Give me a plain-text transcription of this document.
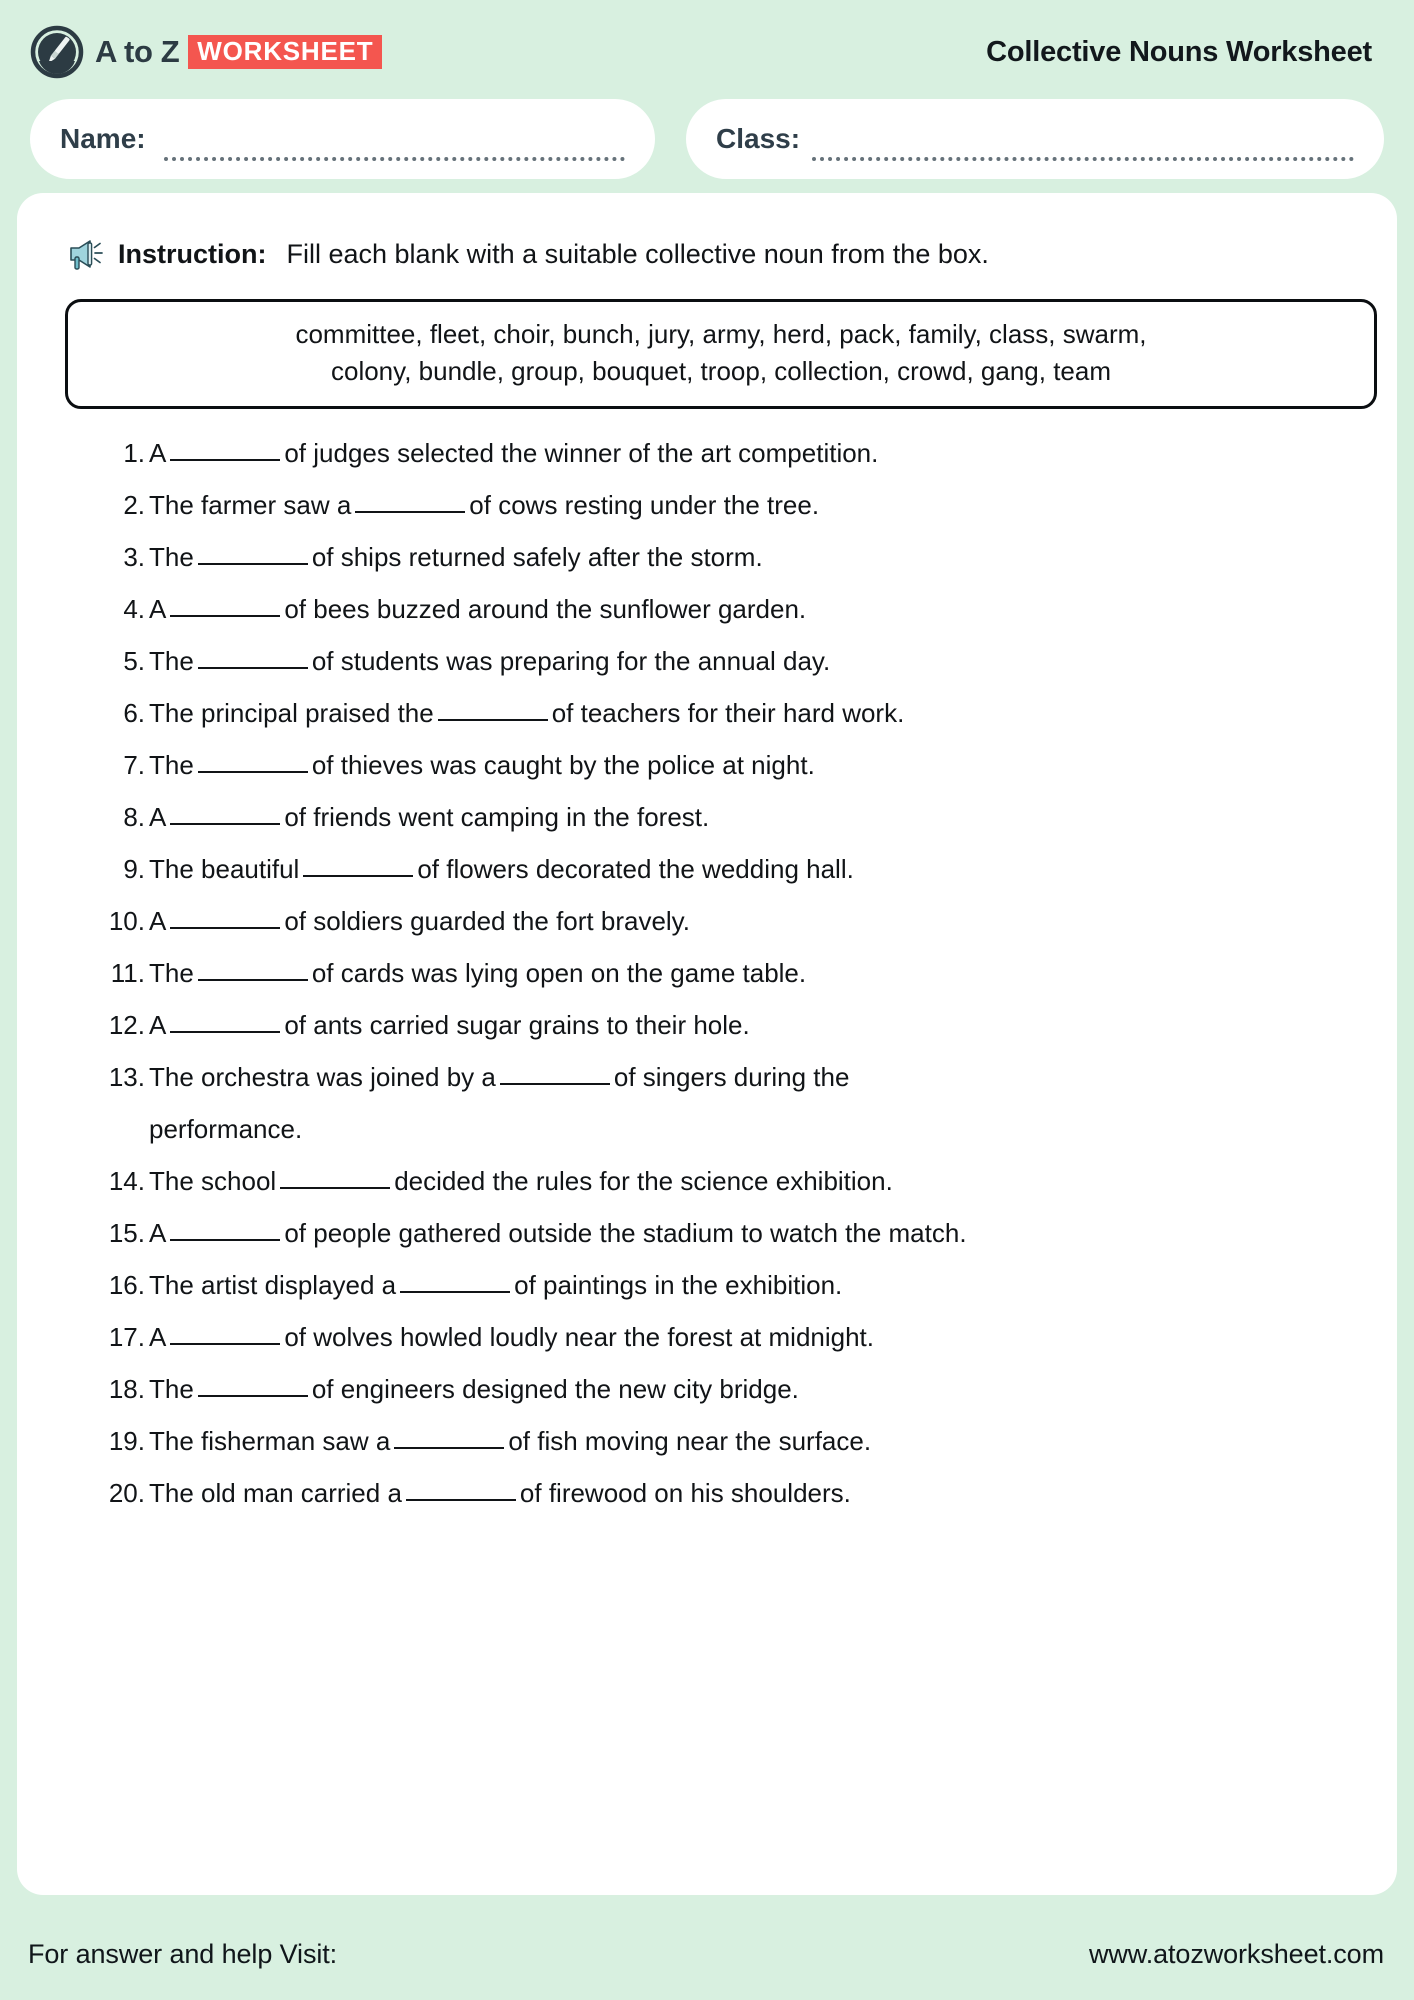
A to Z WORKSHEET	Collective Nouns Worksheet
Name:	Class:
Instruction: Fill each blank with a suitable collective noun from the box.
committee, fleet, choir, bunch, jury, army, herd, pack, family, class, swarm,
colony, bundle, group, bouquet, troop, collection, crowd, gang, team
1. A	of judges selected the winner of the art competition.
2. The farmer saw a	of cows resting under the tree.
3. The	of ships returned safely after the storm.
4. A	of bees buzzed around the sunflower garden.
5. The	of students was preparing for the annual day.
6. The principal praised the	of teachers for their hard work.
7. The	of thieves was caught by the police at night.
8. A	of friends went camping in the forest.
9. The beautiful	of flowers decorated the wedding hall.
10. A	of soldiers guarded the fort bravely.
11. The	of cards was lying open on the game table.
12. A	of ants carried sugar grains to their hole.
13. The orchestra was joined by a	of singers during the
performance.
14. The school	decided the rules for the science exhibition.
15. A	of people gathered outside the stadium to watch the match.
16. The artist displayed a	of paintings in the exhibition.
17. A	of wolves howled loudly near the forest at midnight.
18. The	of engineers designed the new city bridge.
19. The fisherman saw a	of fish moving near the surface.
20. The old man carried a	of firewood on his shoulders.
For answer and help Visit:	www.atozworksheet.com
